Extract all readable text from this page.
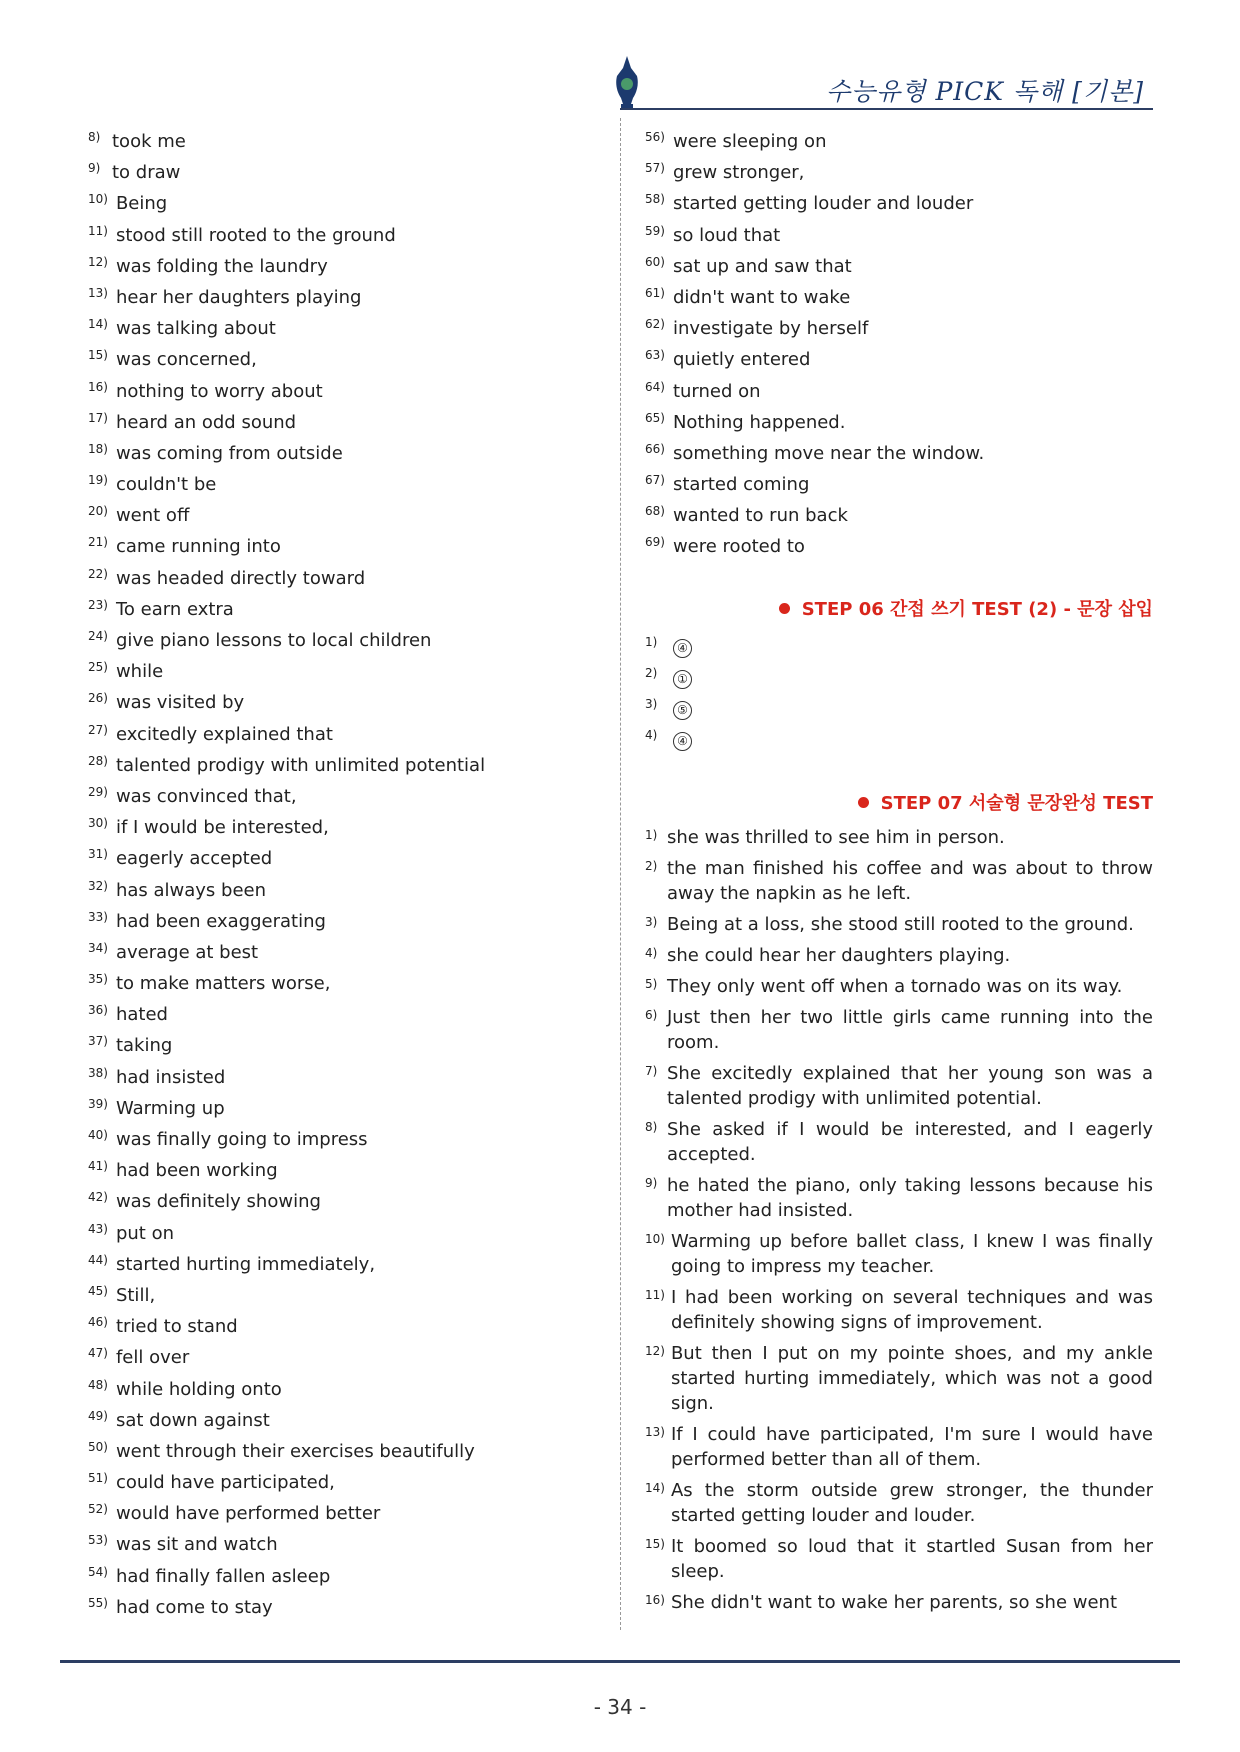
수능유형 PICK 독해 [기본]
8) took me
9) to draw
10) Being
11) stood still rooted to the ground
12) was folding the laundry
13) hear her daughters playing
14) was talking about
15) was concerned,
16) nothing to worry about
17) heard an odd sound
18) was coming from outside
19) couldn't be
20) went off
21) came running into
22) was headed directly toward
23) To earn extra
24) give piano lessons to local children
25) while
26) was visited by
27) excitedly explained that
28) talented prodigy with unlimited potential
29) was convinced that,
30) if I would be interested,
31) eagerly accepted
32) has always been
33) had been exaggerating
34) average at best
35) to make matters worse,
36) hated
37) taking
38) had insisted
39) Warming up
40) was finally going to impress
41) had been working
42) was definitely showing
43) put on
44) started hurting immediately,
45) Still,
46) tried to stand
47) fell over
48) while holding onto
49) sat down against
50) went through their exercises beautifully
51) could have participated,
52) would have performed better
53) was sit and watch
54) had finally fallen asleep
55) had come to stay
56) were sleeping on
57) grew stronger,
58) started getting louder and louder
59) so loud that
60) sat up and saw that
61) didn't want to wake
62) investigate by herself
63) quietly entered
64) turned on
65) Nothing happened.
66) something move near the window.
67) started coming
68) wanted to run back
69) were rooted to
STEP 06 간접 쓰기 TEST (2) - 문장 삽입
1)	④
2)	①
3)	⑤
4)	④
STEP 07 서술형 문장완성 TEST
1) she was thrilled to see him in person.
2) the man finished his coffee and was about to throw away the napkin as he left.
3) Being at a loss, she stood still rooted to the ground.
4) she could hear her daughters playing.
5) They only went off when a tornado was on its way.
6) Just then her two little girls came running into the room.
7) She excitedly explained that her young son was a talented prodigy with unlimited potential.
8) She asked if I would be interested, and I eagerly accepted.
9) he hated the piano, only taking lessons because his mother had insisted.
10) Warming up before ballet class, I knew I was finally going to impress my teacher.
11) I had been working on several techniques and was definitely showing signs of improvement.
12) But then I put on my pointe shoes, and my ankle started hurting immediately, which was not a good sign.
13) If I could have participated, I'm sure I would have performed better than all of them.
14) As the storm outside grew stronger, the thunder started getting louder and louder.
15) It boomed so loud that it startled Susan from her sleep.
16) She didn't want to wake her parents, so she went
- 34 -
